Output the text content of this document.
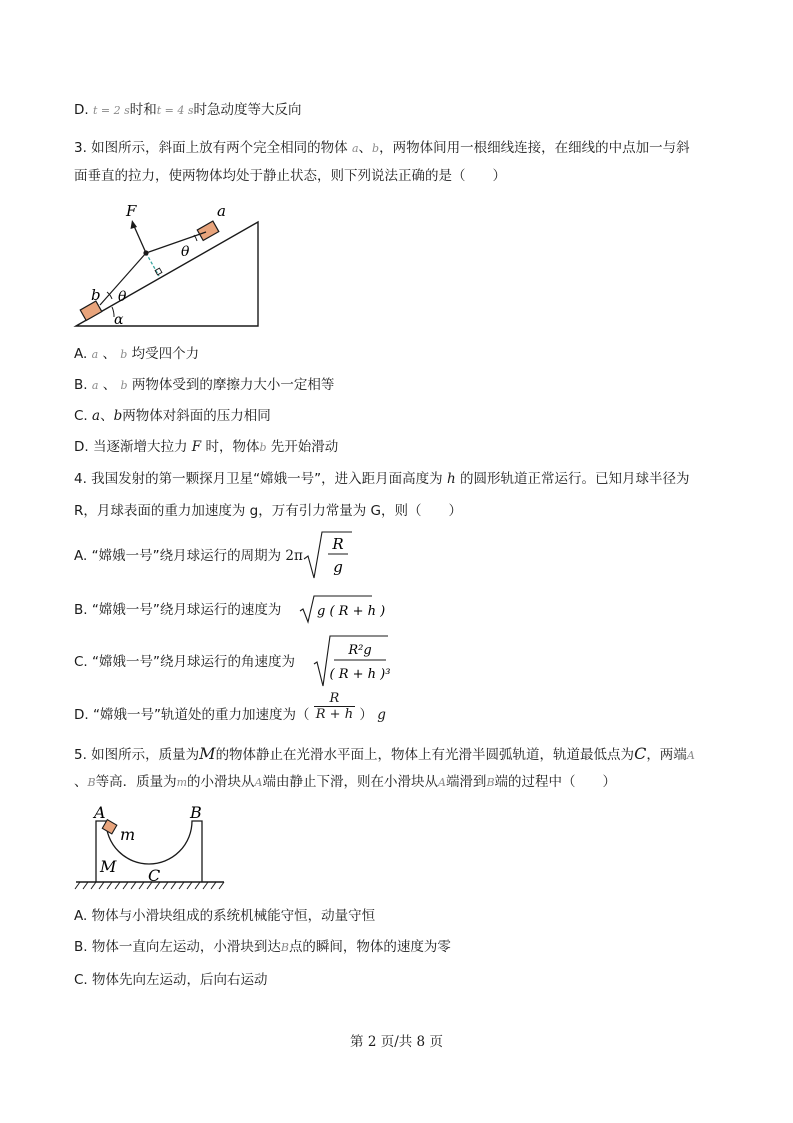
D. t = 2 s时和t = 4 s时急动度等大反向
3. 如图所示，斜面上放有两个完全相同的物体 a、b，两物体间用一根细线连接，在细线的中点加一与斜
面垂直的拉力，使两物体均处于静止状态，则下列说法正确的是（　　）
F	a
b θ
θ
α
A. a 、 b 均受四个力
B. a 、 b 两物体受到的摩擦力大小一定相等
C. a、b两物体对斜面的压力相同
D. 当逐渐增大拉力 F 时，物体b 先开始滑动
4. 我国发射的第一颗探月卫星“嫦娥一号”，进入距月面高度为 h 的圆形轨道正常运行。已知月球半径为
R，月球表面的重力加速度为 g，万有引力常量为 G，则（　　）
A. “嫦娥一号”绕月球运行的周期为 2π
R
g
B. “嫦娥一号”绕月球运行的速度为	g ( R + h )
C. “嫦娥一号”绕月球运行的角速度为
R²g
( R + h )³
D. “嫦娥一号”轨道处的重力加速度为（ $\frac{R}{R + h}$ ） g
5. 如图所示，质量为M的物体静止在光滑水平面上，物体上有光滑半圆弧轨道，轨道最低点为C，两端A
、B等高．质量为m的小滑块从A端由静止下滑，则在小滑块从A端滑到B端的过程中（　　）
A	B
m
M C
A. 物体与小滑块组成的系统机械能守恒，动量守恒
B. 物体一直向左运动，小滑块到达B点的瞬间，物体的速度为零
C. 物体先向左运动，后向右运动
第 2 页/共 8 页
